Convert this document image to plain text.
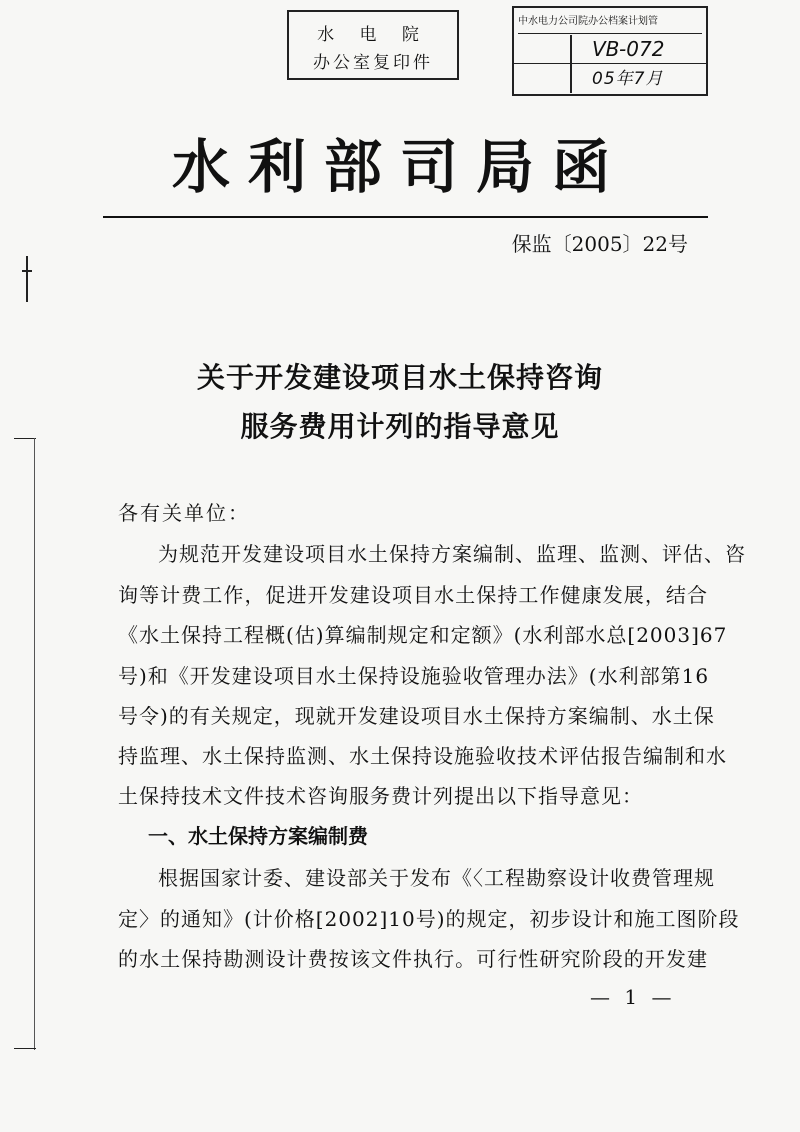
水 电 院
办公室复印件
中水电力公司院办公档案计划管
VB-072
05年7月
水利部司局函
保监〔2005〕22号
关于开发建设项目水土保持咨询
服务费用计列的指导意见
各有关单位：
为规范开发建设项目水土保持方案编制、监理、监测、评估、咨
询等计费工作，促进开发建设项目水土保持工作健康发展，结合
《水土保持工程概(估)算编制规定和定额》(水利部水总[2003]67
号)和《开发建设项目水土保持设施验收管理办法》(水利部第16
号令)的有关规定，现就开发建设项目水土保持方案编制、水土保
持监理、水土保持监测、水土保持设施验收技术评估报告编制和水
土保持技术文件技术咨询服务费计列提出以下指导意见：
一、水土保持方案编制费
根据国家计委、建设部关于发布《〈工程勘察设计收费管理规
定〉的通知》(计价格[2002]10号)的规定，初步设计和施工图阶段
的水土保持勘测设计费按该文件执行。可行性研究阶段的开发建
— 1 —
